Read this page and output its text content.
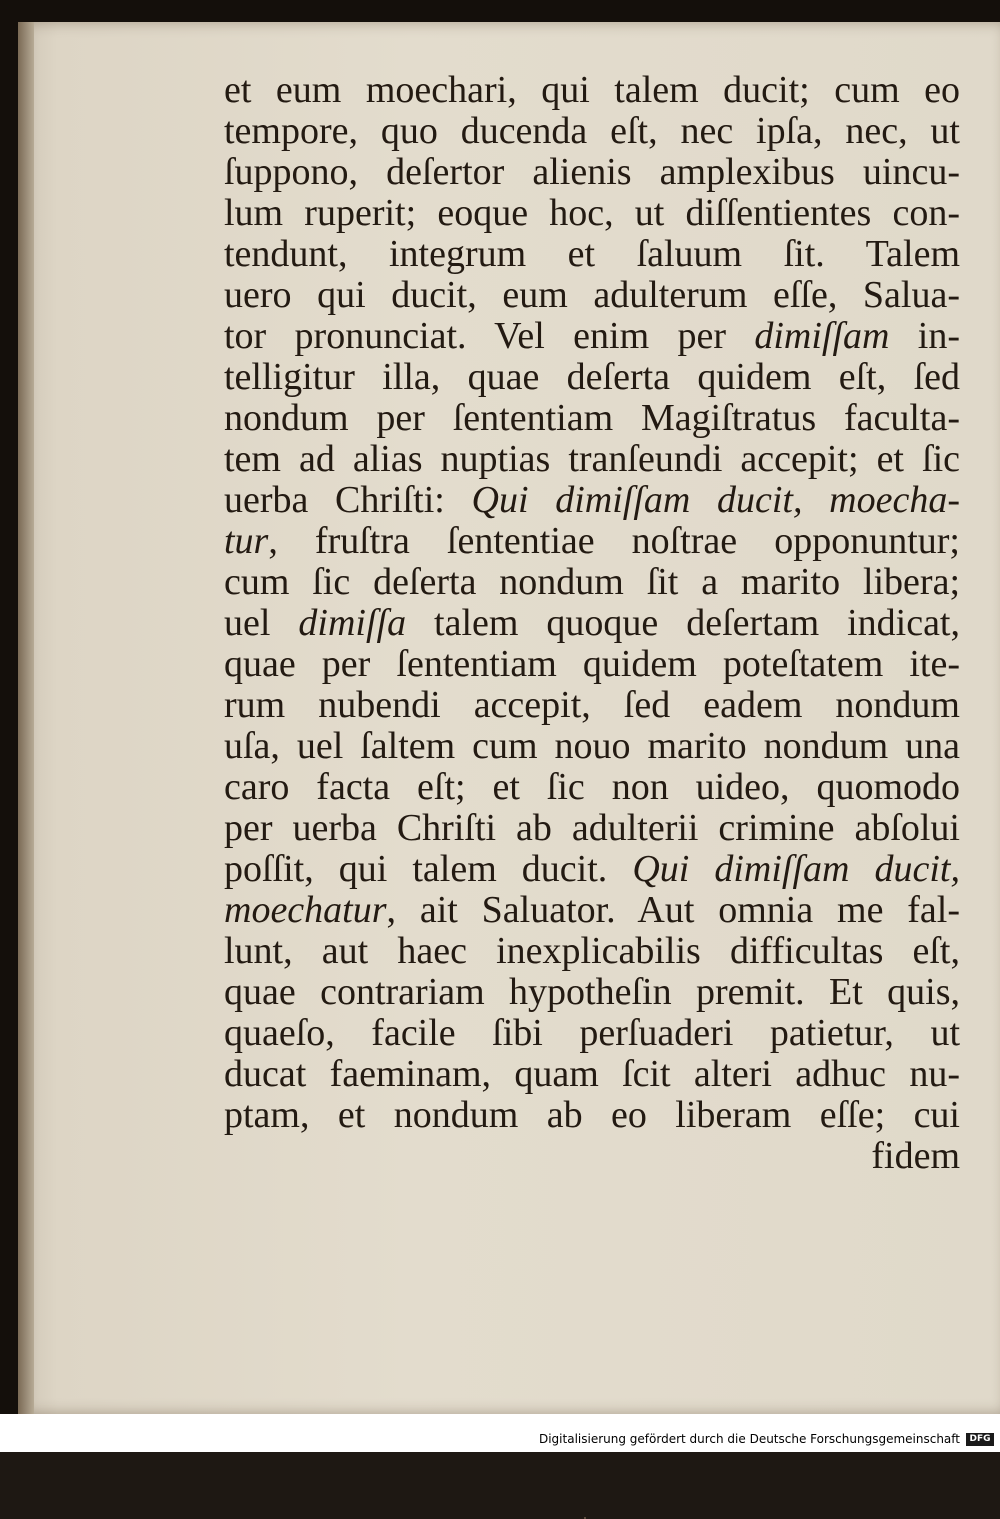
et eum moechari, qui talem ducit; cum eo
tempore, quo ducenda eſt, nec ipſa, nec, ut
ſuppono, deſertor alienis amplexibus uincu-
lum ruperit; eoque hoc, ut diſſentientes con-
tendunt, integrum et ſaluum ſit. Talem
uero qui ducit, eum adulterum eſſe, Salua-
tor pronunciat. Vel enim per dimiſſam in-
telligitur illa, quae deſerta quidem eſt, ſed
nondum per ſententiam Magiſtratus faculta-
tem ad alias nuptias tranſeundi accepit; et ſic
uerba Chriſti: Qui dimiſſam ducit, moecha-
tur, fruſtra ſententiae noſtrae opponuntur;
cum ſic deſerta nondum ſit a marito libera;
uel dimiſſa talem quoque deſertam indicat,
quae per ſententiam quidem poteſtatem ite-
rum nubendi accepit, ſed eadem nondum
uſa, uel ſaltem cum nouo marito nondum una
caro facta eſt; et ſic non uideo, quomodo
per uerba Chriſti ab adulterii crimine abſolui
poſſit, qui talem ducit. Qui dimiſſam ducit,
moechatur, ait Saluator. Aut omnia me fal-
lunt, aut haec inexplicabilis difficultas eſt,
quae contrariam hypotheſin premit. Et quis,
quaeſo, facile ſibi perſuaderi patietur, ut
ducat faeminam, quam ſcit alteri adhuc nu-
ptam, et nondum ab eo liberam eſſe; cui
fidem
Digitalisierung gefördert durch die Deutsche Forschungsgemeinschaft	DFG
